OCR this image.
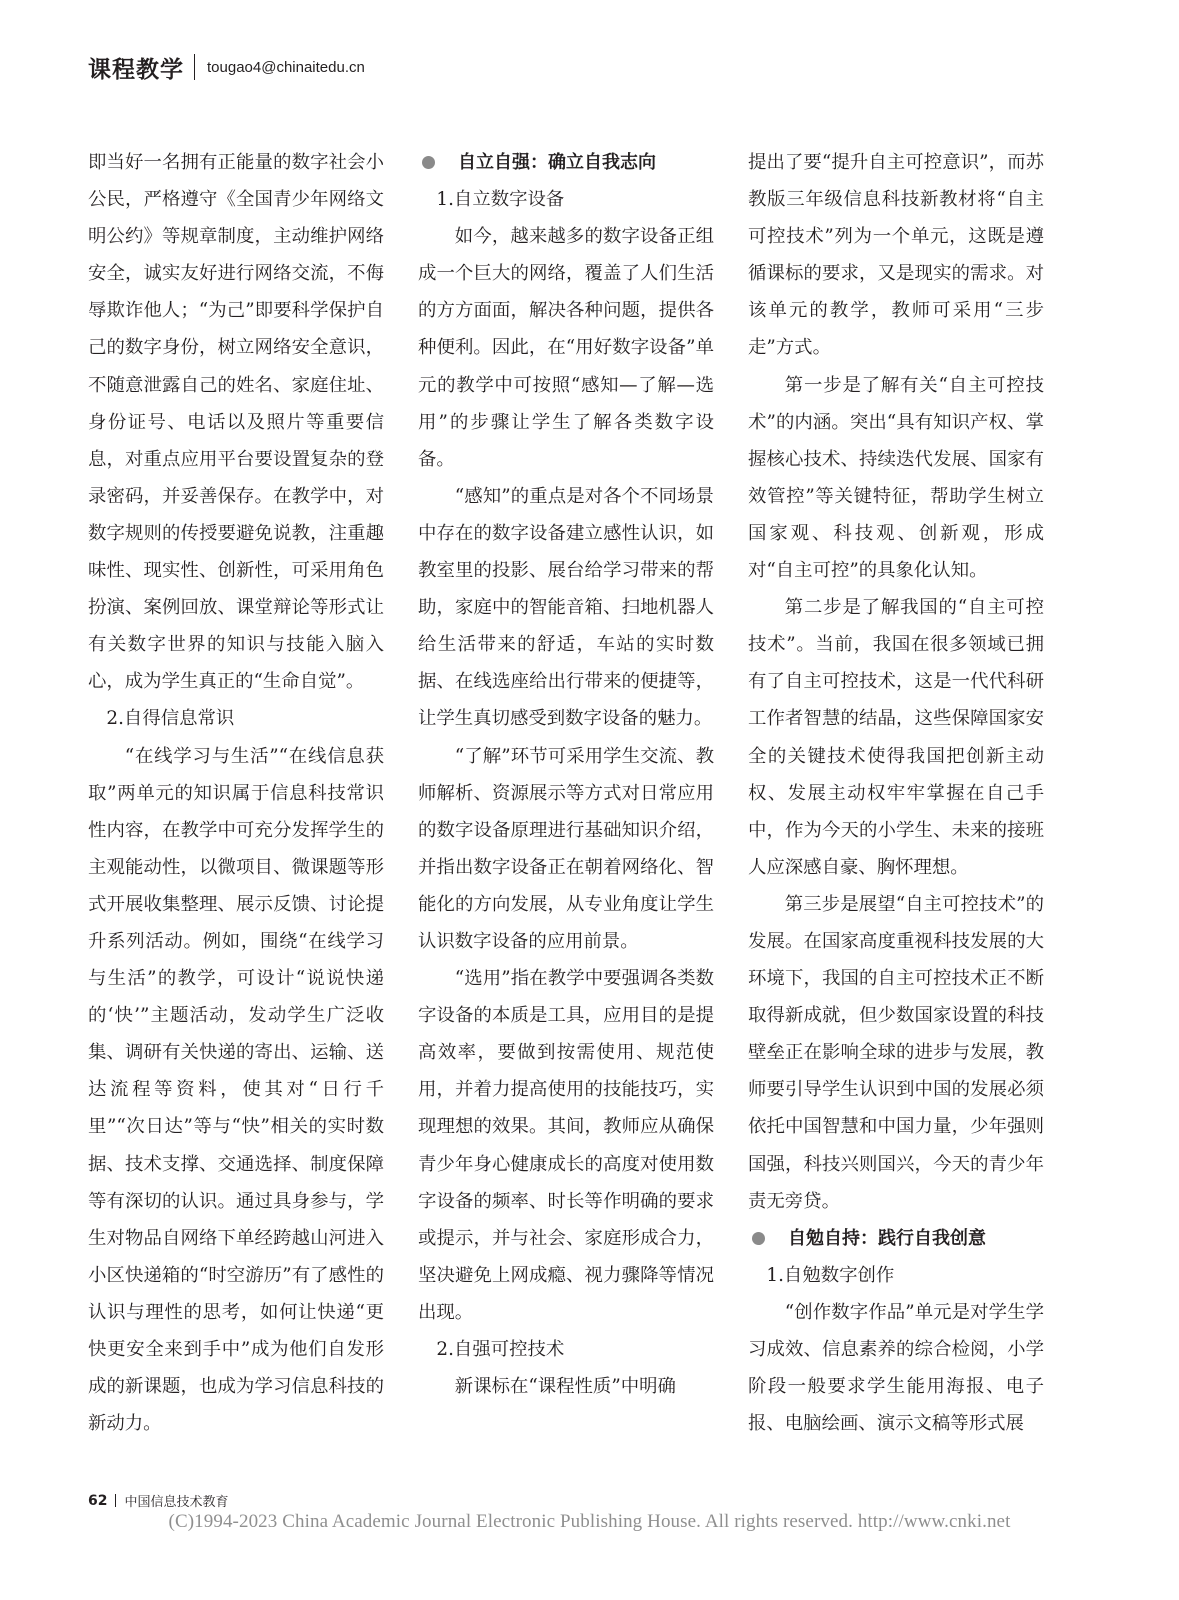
课程教学 tougao4@chinaitedu.cn

即当好一名拥有正能量的数字社会小公民，严格遵守《全国青少年网络文明公约》等规章制度，主动维护网络安全，诚实友好进行网络交流，不侮辱欺诈他人；“为己”即要科学保护自己的数字身份，树立网络安全意识，不随意泄露自己的姓名、家庭住址、身份证号、电话以及照片等重要信息，对重点应用平台要设置复杂的登录密码，并妥善保存。在教学中，对数字规则的传授要避免说教，注重趣味性、现实性、创新性，可采用角色扮演、案例回放、课堂辩论等形式让有关数字世界的知识与技能入脑入心，成为学生真正的“生命自觉”。

2.自得信息常识

“在线学习与生活”“在线信息获取”两单元的知识属于信息科技常识性内容，在教学中可充分发挥学生的主观能动性，以微项目、微课题等形式开展收集整理、展示反馈、讨论提升系列活动。例如，围绕“在线学习与生活”的教学，可设计“说说快递的‘快’”主题活动，发动学生广泛收集、调研有关快递的寄出、运输、送达流程等资料，使其对“日行千里”“次日达”等与“快”相关的实时数据、技术支撑、交通选择、制度保障等有深切的认识。通过具身参与，学生对物品自网络下单经跨越山河进入小区快递箱的“时空游历”有了感性的认识与理性的思考，如何让快递“更快更安全来到手中”成为他们自发形成的新课题，也成为学习信息科技的新动力。

自立自强：确立自我志向

1.自立数字设备

如今，越来越多的数字设备正组成一个巨大的网络，覆盖了人们生活的方方面面，解决各种问题，提供各种便利。因此，在“用好数字设备”单元的教学中可按照“感知—了解—选用”的步骤让学生了解各类数字设备。

“感知”的重点是对各个不同场景中存在的数字设备建立感性认识，如教室里的投影、展台给学习带来的帮助，家庭中的智能音箱、扫地机器人给生活带来的舒适，车站的实时数据、在线选座给出行带来的便捷等，让学生真切感受到数字设备的魅力。

“了解”环节可采用学生交流、教师解析、资源展示等方式对日常应用的数字设备原理进行基础知识介绍，并指出数字设备正在朝着网络化、智能化的方向发展，从专业角度让学生认识数字设备的应用前景。

“选用”指在教学中要强调各类数字设备的本质是工具，应用目的是提高效率，要做到按需使用、规范使用，并着力提高使用的技能技巧，实现理想的效果。其间，教师应从确保青少年身心健康成长的高度对使用数字设备的频率、时长等作明确的要求或提示，并与社会、家庭形成合力，坚决避免上网成瘾、视力骤降等情况出现。

2.自强可控技术

新课标在“课程性质”中明确

提出了要“提升自主可控意识”，而苏教版三年级信息科技新教材将“自主可控技术”列为一个单元，这既是遵循课标的要求，又是现实的需求。对该单元的教学，教师可采用“三步走”方式。

第一步是了解有关“自主可控技术”的内涵。突出“具有知识产权、掌握核心技术、持续迭代发展、国家有效管控”等关键特征，帮助学生树立国家观、科技观、创新观，形成对“自主可控”的具象化认知。

第二步是了解我国的“自主可控技术”。当前，我国在很多领域已拥有了自主可控技术，这是一代代科研工作者智慧的结晶，这些保障国家安全的关键技术使得我国把创新主动权、发展主动权牢牢掌握在自己手中，作为今天的小学生、未来的接班人应深感自豪、胸怀理想。

第三步是展望“自主可控技术”的发展。在国家高度重视科技发展的大环境下，我国的自主可控技术正不断取得新成就，但少数国家设置的科技壁垒正在影响全球的进步与发展，教师要引导学生认识到中国的发展必须依托中国智慧和中国力量，少年强则国强，科技兴则国兴，今天的青少年责无旁贷。

自勉自持：践行自我创意

1.自勉数字创作

“创作数字作品”单元是对学生学习成效、信息素养的综合检阅，小学阶段一般要求学生能用海报、电子报、电脑绘画、演示文稿等形式展

62 中国信息技术教育
(C)1994-2023 China Academic Journal Electronic Publishing House. All rights reserved. http://www.cnki.net
